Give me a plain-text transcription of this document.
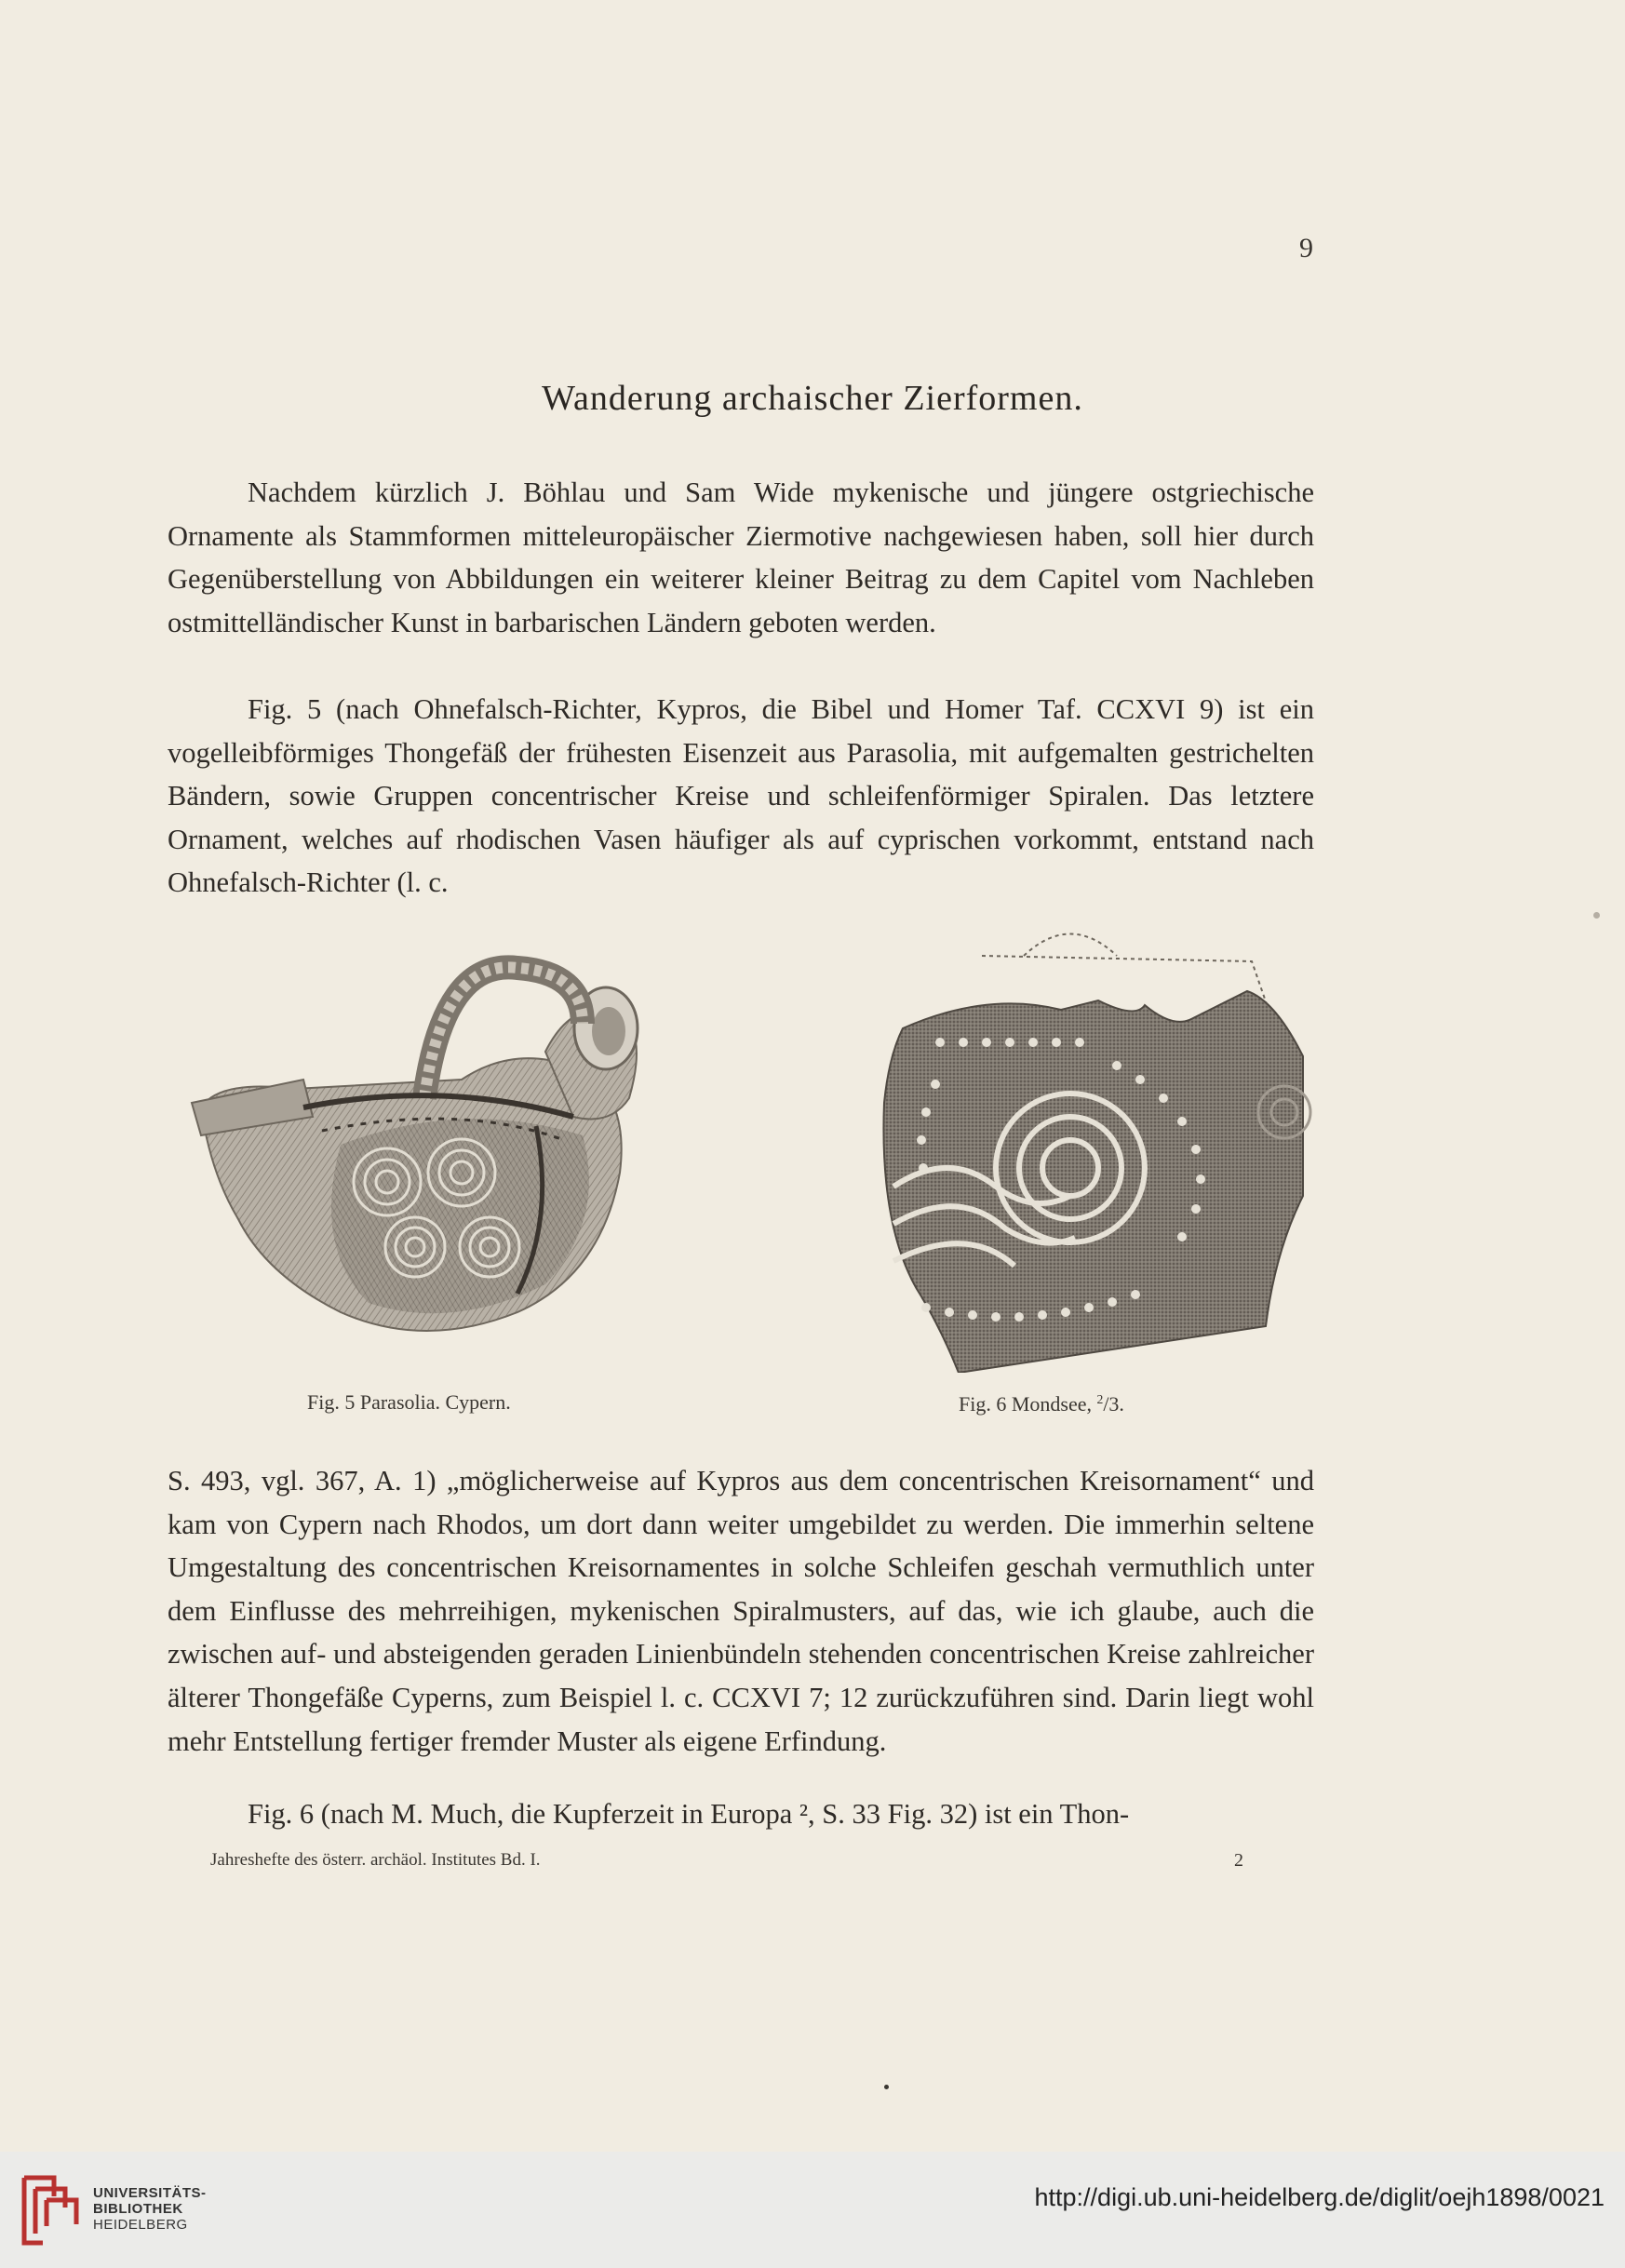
9
Wanderung archaischer Zierformen.

Nachdem kürzlich J. Böhlau und Sam Wide mykenische und jüngere ostgriechische Ornamente als Stammformen mitteleuropäischer Ziermotive nachgewiesen haben, soll hier durch Gegenüberstellung von Abbildungen ein weiterer kleiner Beitrag zu dem Capitel vom Nachleben ostmittelländischer Kunst in barbarischen Ländern geboten werden.

Fig. 5 (nach Ohnefalsch-Richter, Kypros, die Bibel und Homer Taf. CCXVI 9) ist ein vogelleibförmiges Thongefäß der frühesten Eisenzeit aus Parasolia, mit aufgemalten gestrichelten Bändern, sowie Gruppen concentrischer Kreise und schleifenförmiger Spiralen. Das letztere Ornament, welches auf rhodischen Vasen häufiger als auf cyprischen vorkommt, entstand nach Ohnefalsch-Richter (l. c.

Fig. 5 Parasolia. Cypern.	Fig. 6 Mondsee, $^2$/3.

S. 493, vgl. 367, A. 1) „möglicherweise auf Kypros aus dem concentrischen Kreisornament“ und kam von Cypern nach Rhodos, um dort dann weiter umgebildet zu werden. Die immerhin seltene Umgestaltung des concentrischen Kreisornamentes in solche Schleifen geschah vermuthlich unter dem Einflusse des mehrreihigen, mykenischen Spiralmusters, auf das, wie ich glaube, auch die zwischen auf- und absteigenden geraden Linienbündeln stehenden concentrischen Kreise zahlreicher älterer Thongefäße Cyperns, zum Beispiel l. c. CCXVI 7; 12 zurückzuführen sind. Darin liegt wohl mehr Entstellung fertiger fremder Muster als eigene Erfindung.

Fig. 6 (nach M. Much, die Kupferzeit in Europa ², S. 33 Fig. 32) ist ein Thon-

Jahreshefte des österr. archäol. Institutes Bd. I.	2
UNIVERSITÄTS-
BIBLIOTHEK
HEIDELBERG
http://digi.ub.uni-heidelberg.de/diglit/oejh1898/0021
